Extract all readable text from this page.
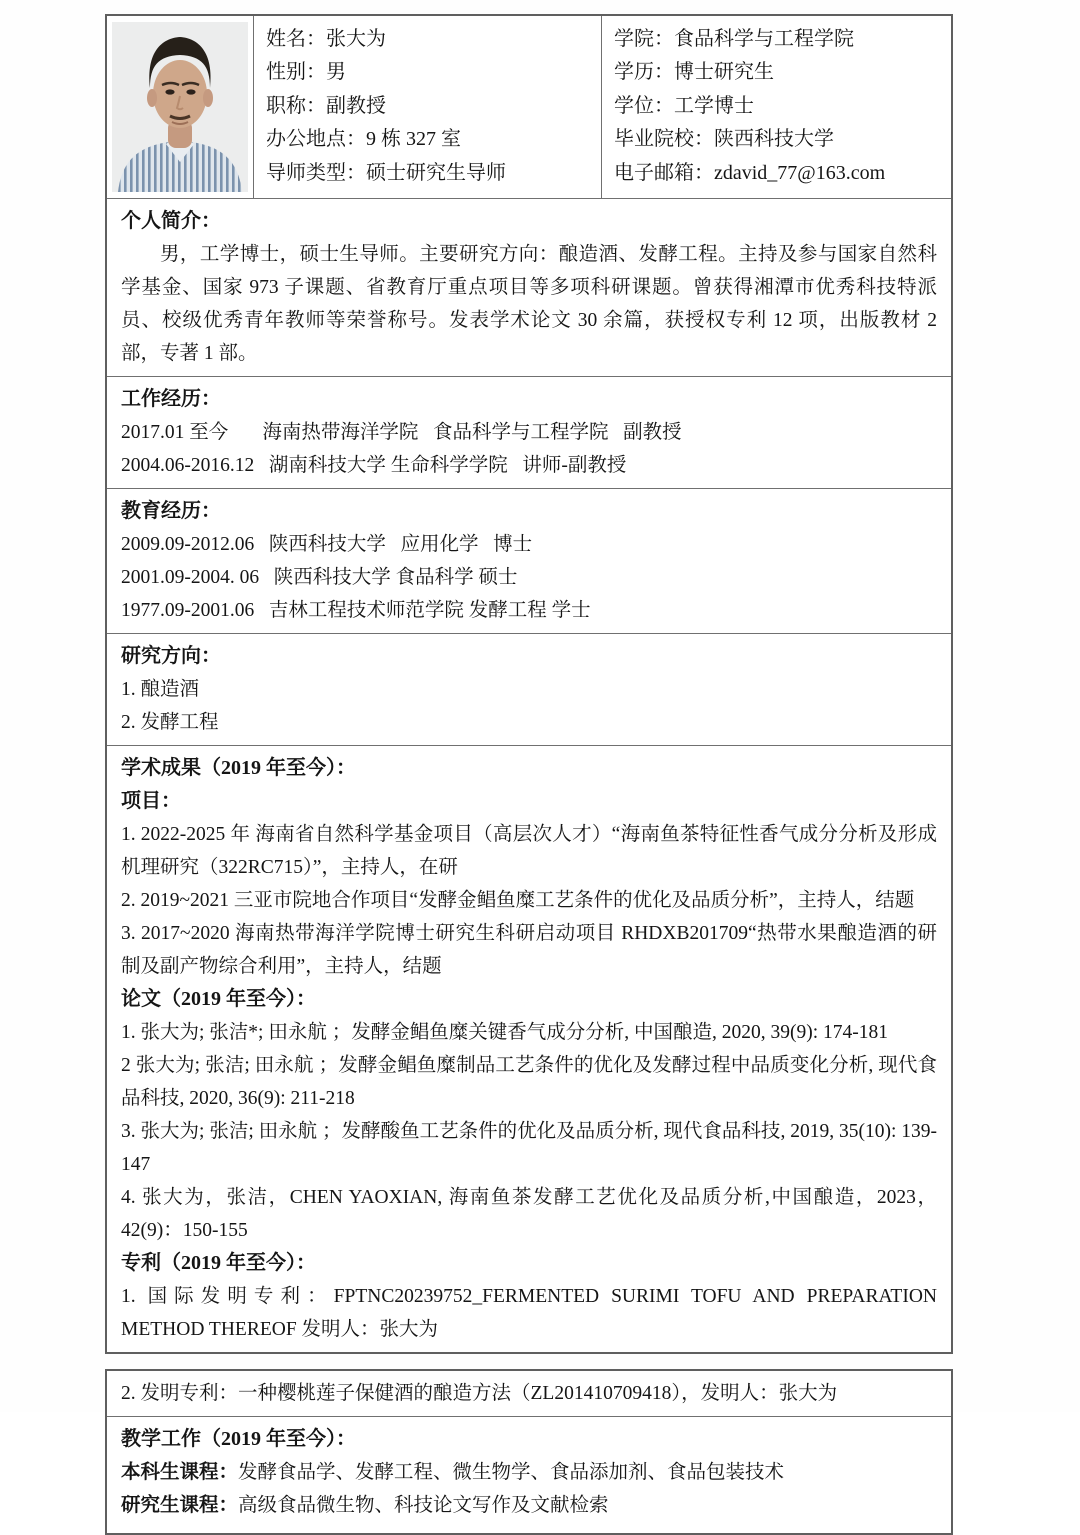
姓名：张大为
性别：男
职称：副教授
办公地点：9 栋 327 室
导师类型：硕士研究生导师
学院：食品科学与工程学院
学历：博士研究生
学位：工学博士
毕业院校：陕西科技大学
电子邮箱：zdavid_77@163.com
个人简介：

男，工学博士，硕士生导师。主要研究方向：酿造酒、发酵工程。主持及参与国家自然科学基金、国家 973 子课题、省教育厅重点项目等多项科研课题。曾获得湘潭市优秀科技特派员、校级优秀青年教师等荣誉称号。发表学术论文 30 余篇，获授权专利 12 项，出版教材 2 部，专著 1 部。

工作经历：
2017.01 至今       海南热带海洋学院   食品科学与工程学院   副教授
2004.06-2016.12   湖南科技大学 生命科学学院   讲师-副教授
教育经历：
2009.09-2012.06   陕西科技大学   应用化学   博士
2001.09-2004. 06   陕西科技大学 食品科学 硕士
1977.09-2001.06   吉林工程技术师范学院 发酵工程 学士
研究方向：
1. 酿造酒
2. 发酵工程
学术成果（2019 年至今）：
项目：

1. 2022-2025 年 海南省自然科学基金项目（高层次人才）“海南鱼茶特征性香气成分分析及形成机理研究（322RC715）”，主持人，在研

2. 2019~2021 三亚市院地合作项目“发酵金鲳鱼糜工艺条件的优化及品质分析”，主持人，结题

3. 2017~2020 海南热带海洋学院博士研究生科研启动项目 RHDXB201709“热带水果酿造酒的研制及副产物综合利用”，主持人，结题

论文（2019 年至今）：

1. 张大为; 张洁*; 田永航 ；发酵金鲳鱼糜关键香气成分分析, 中国酿造, 2020, 39(9): 174-181

2 张大为; 张洁; 田永航 ；发酵金鲳鱼糜制品工艺条件的优化及发酵过程中品质变化分析, 现代食品科技, 2020, 36(9): 211-218

3. 张大为; 张洁; 田永航 ；发酵酸鱼工艺条件的优化及品质分析, 现代食品科技, 2019, 35(10): 139- 147

4. 张大为，张洁，CHEN YAOXIAN, 海南鱼茶发酵工艺优化及品质分析,中国酿造，2023，42(9)：150-155

专利（2019 年至今）：

1. 国际发明专利：FPTNC20239752_FERMENTED SURIMI TOFU AND PREPARATION METHOD THEREOF 发明人：张大为

2. 发明专利：一种樱桃莲子保健酒的酿造方法（ZL201410709418），发明人：张大为

教学工作（2019 年至今）：
本科生课程：发酵食品学、发酵工程、微生物学、食品添加剂、食品包装技术
研究生课程：高级食品微生物、科技论文写作及文献检索
